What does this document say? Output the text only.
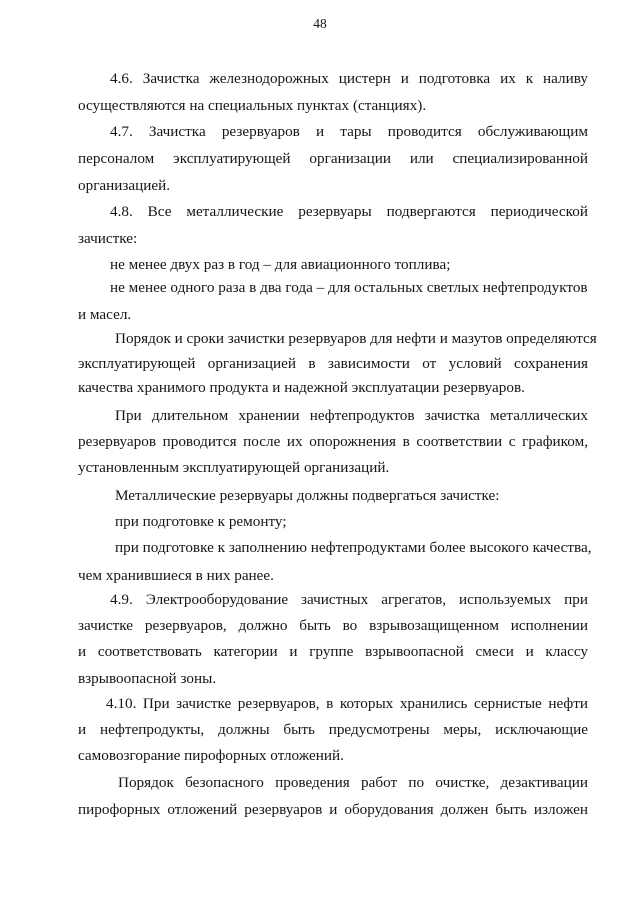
48
4.6. Зачистка железнодорожных цистерн и подготовка их к наливу
осуществляются на специальных пунктах (станциях).
4.7. Зачистка резервуаров и тары проводится обслуживающим
персоналом эксплуатирующей организации или специализированной
организацией.
4.8. Все металлические резервуары подвергаются периодической
зачистке:
не менее двух раз в год – для авиационного топлива;
не менее одного раза в два года – для остальных светлых нефтепродуктов
и масел.
Порядок и сроки зачистки резервуаров для нефти и мазутов определяются
эксплуатирующей организацией в зависимости от условий сохранения
качества хранимого продукта и надежной эксплуатации резервуаров.
При длительном хранении нефтепродуктов зачистка металлических
резервуаров проводится после их опорожнения в соответствии с графиком,
установленным эксплуатирующей организаций.
Металлические резервуары должны подвергаться зачистке:
при подготовке к ремонту;
при подготовке к заполнению нефтепродуктами более высокого качества,
чем хранившиеся в них ранее.
4.9. Электрооборудование зачистных агрегатов, используемых при
зачистке резервуаров, должно быть во взрывозащищенном исполнении
и соответствовать категории и группе взрывоопасной смеси и классу
взрывоопасной зоны.
4.10. При зачистке резервуаров, в которых хранились сернистые нефти
и нефтепродукты, должны быть предусмотрены меры, исключающие
самовозгорание пирофорных отложений.
Порядок безопасного проведения работ по очистке, дезактивации
пирофорных отложений резервуаров и оборудования должен быть изложен
